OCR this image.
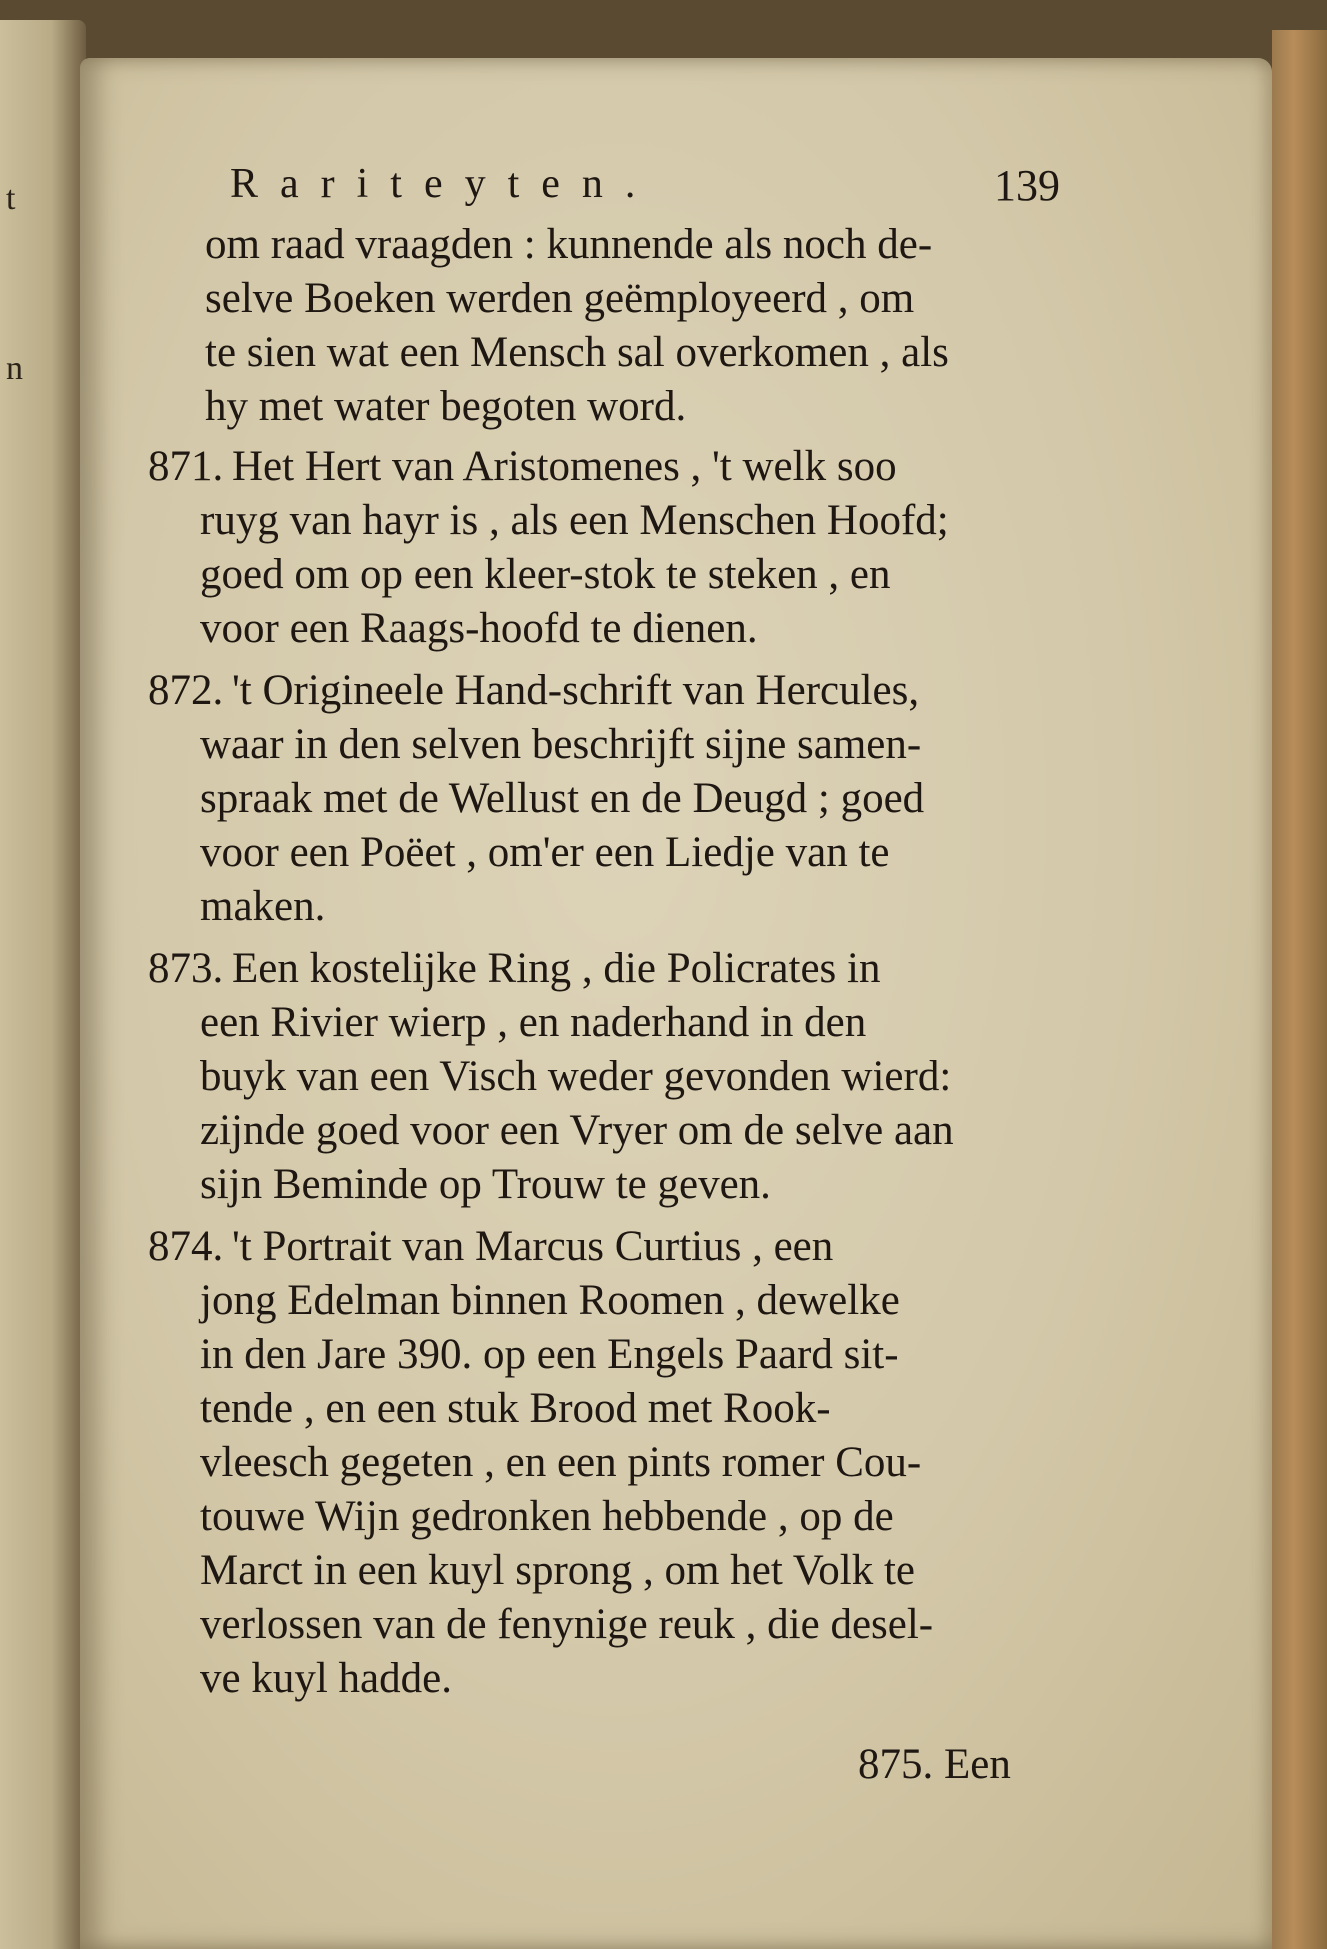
t
n
Rariteyten.	139
om raad vraagden : kunnende als noch de-
selve Boeken werden geëmployeerd , om
te sien wat een Mensch sal overkomen , als
hy met water begoten word.
871. Het Hert van Aristomenes , 't welk soo
ruyg van hayr is , als een Menschen Hoofd;
goed om op een kleer-stok te steken , en
voor een Raags-hoofd te dienen.
872. 't Origineele Hand-schrift van Hercules,
waar in den selven beschrijft sijne samen-
spraak met de Wellust en de Deugd ; goed
voor een Poëet , om'er een Liedje van te
maken.
873. Een kostelijke Ring , die Policrates in
een Rivier wierp , en naderhand in den
buyk van een Visch weder gevonden wierd:
zijnde goed voor een Vryer om de selve aan
sijn Beminde op Trouw te geven.
874. 't Portrait van Marcus Curtius , een
jong Edelman binnen Roomen , dewelke
in den Jare 390. op een Engels Paard sit-
tende , en een stuk Brood met Rook-
vleesch gegeten , en een pints romer Cou-
touwe Wijn gedronken hebbende , op de
Marct in een kuyl sprong , om het Volk te
verlossen van de fenynige reuk , die desel-
ve kuyl hadde.
875. Een
